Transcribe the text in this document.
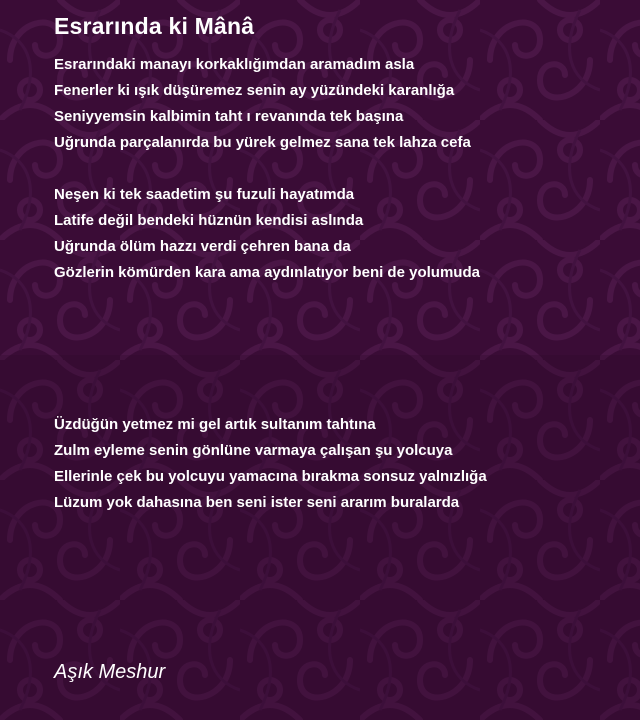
Esrarında ki Mânâ
Esrarındaki manayı korkaklığımdan aramadım asla
Fenerler ki ışık düşüremez senin ay yüzündeki karanlığa
Seniyyemsin kalbimin taht ı revanında tek başına
Uğrunda parçalanırda bu yürek gelmez sana tek lahza cefa
Neşen ki tek saadetim şu fuzuli hayatımda
Latife değil bendeki hüznün kendisi aslında
Uğrunda ölüm hazzı verdi çehren bana da
Gözlerin kömürden kara ama aydınlatıyor beni de yolumuda
Üzdüğün yetmez mi gel artık sultanım tahtına
Zulm eyleme senin gönlüne varmaya çalışan şu yolcuya
Ellerinle çek bu yolcuyu yamacına bırakma sonsuz yalnızlığa
Lüzum yok dahasına ben seni ister seni ararım buralarda
Aşık Meshur
